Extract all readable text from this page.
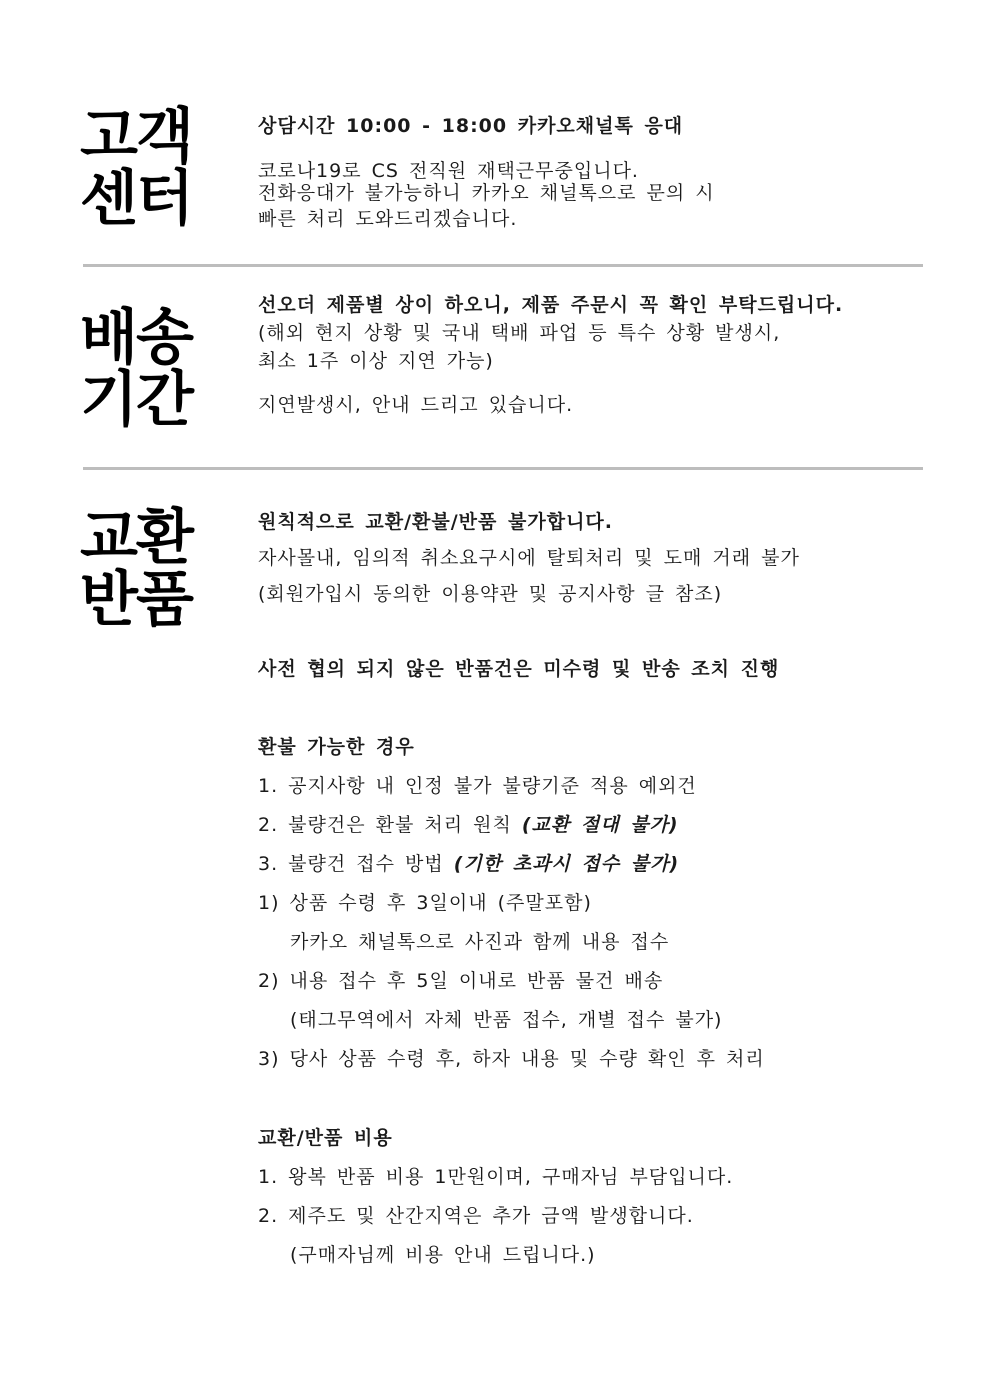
고객
센터

상담시간 10:00 - 18:00 카카오채널톡 응대

코로나19로 CS 전직원 재택근무중입니다.

전화응대가 불가능하니 카카오 채널톡으로 문의 시

빠른 처리 도와드리겠습니다.

배송
기간

선오더 제품별 상이 하오니, 제품 주문시 꼭 확인 부탁드립니다.

(해외 현지 상황 및 국내 택배 파업 등 특수 상황 발생시,

최소 1주 이상 지연 가능)

지연발생시, 안내 드리고 있습니다.

교환
반품

원칙적으로 교환/환불/반품 불가합니다.

자사몰내, 임의적 취소요구시에 탈퇴처리 및 도매 거래 불가

(회원가입시 동의한 이용약관 및 공지사항 글 참조)

사전 협의 되지 않은 반품건은 미수령 및 반송 조치 진행

환불 가능한 경우

1. 공지사항 내 인정 불가 불량기준 적용 예외건

2. 불량건은 환불 처리 원칙 (교환 절대 불가)

3. 불량건 접수 방법 (기한 초과시 접수 불가)

1) 상품 수령 후 3일이내 (주말포함)

카카오 채널톡으로 사진과 함께 내용 접수

2) 내용 접수 후 5일 이내로 반품 물건 배송

(태그무역에서 자체 반품 접수, 개별 접수 불가)

3) 당사 상품 수령 후, 하자 내용 및 수량 확인 후 처리

교환/반품 비용

1. 왕복 반품 비용 1만원이며, 구매자님 부담입니다.

2. 제주도 및 산간지역은 추가 금액 발생합니다.

(구매자님께 비용 안내 드립니다.)
